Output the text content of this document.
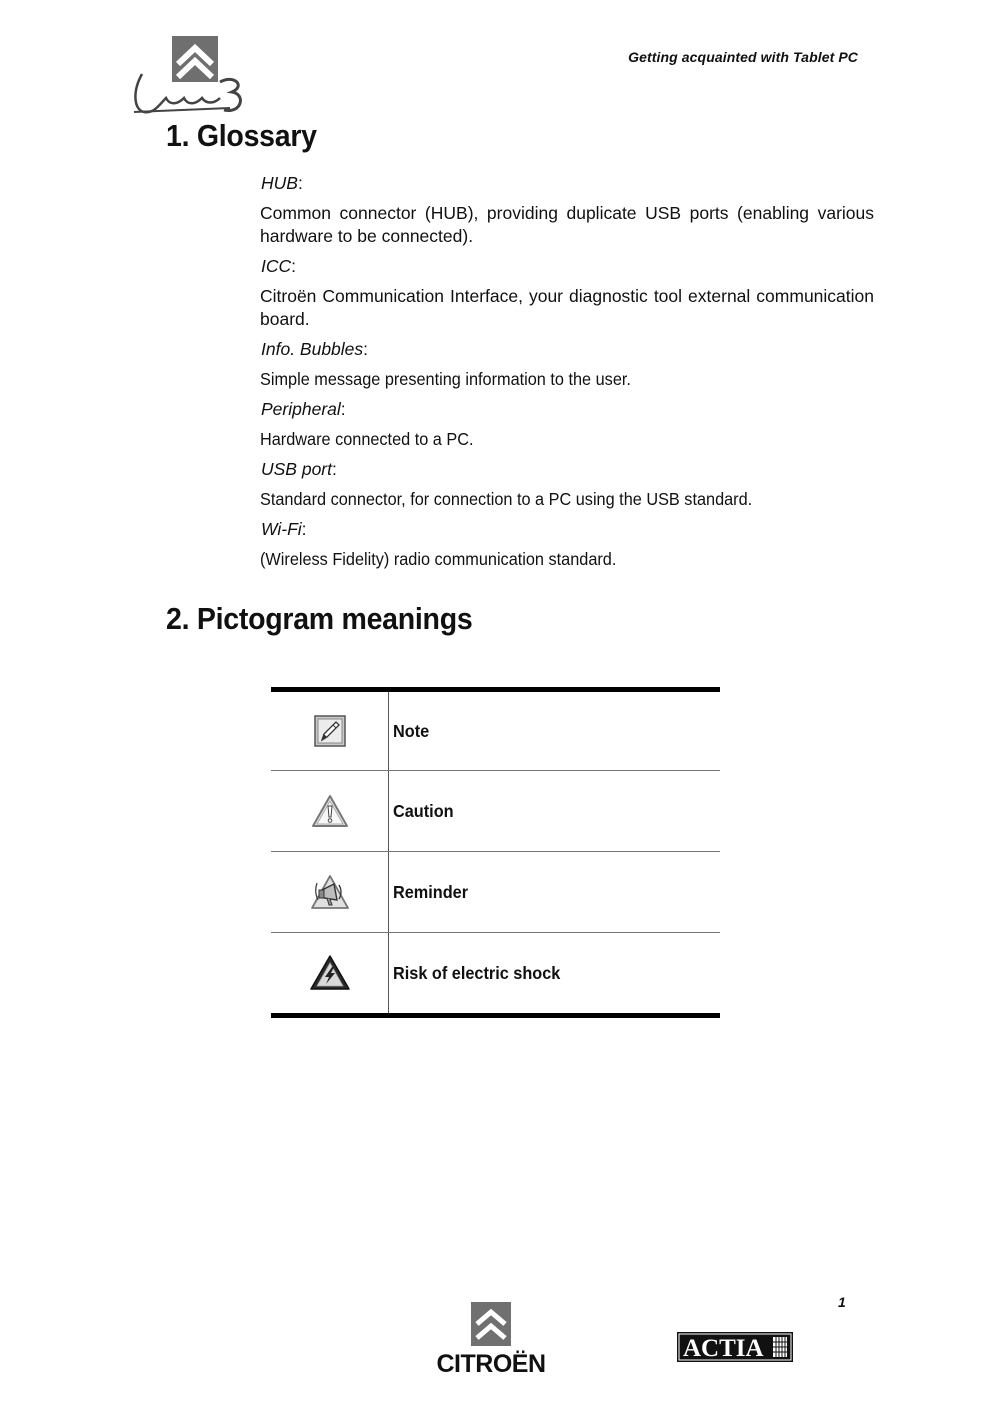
Getting acquainted with Tablet PC
1. Glossary

HUB:

Common connector (HUB), providing duplicate USB ports (enabling various hardware to be connected).

ICC:

Citroën Communication Interface, your diagnostic tool external communication board.

Info. Bubbles:

Simple message presenting information to the user.

Peripheral:

Hardware connected to a PC.

USB port:

Standard connector, for connection to a PC using the USB standard.

Wi-Fi:

(Wireless Fidelity) radio communication standard.

2. Pictogram meanings
Note
Caution
Reminder
Risk of electric shock
1
CITROËN
ACTIA
